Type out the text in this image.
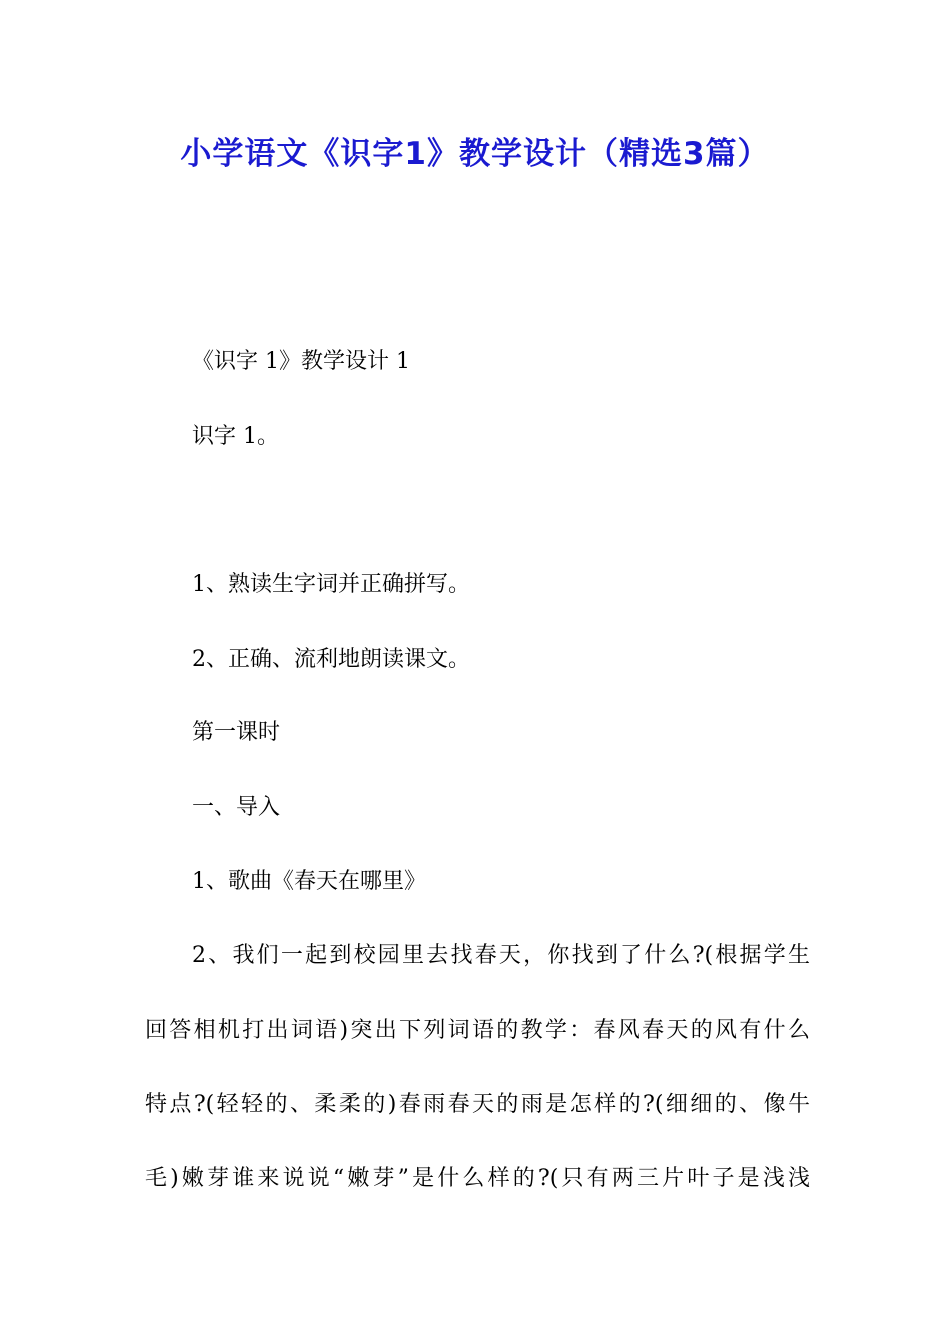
小学语文《识字1》教学设计（精选3篇）
《识字 1》教学设计 1
识字 1。
1、熟读生字词并正确拼写。
2、正确、流利地朗读课文。
第一课时
一、导入
1、歌曲《春天在哪里》
2、我们一起到校园里去找春天，你找到了什么?(根据学生
回答相机打出词语)突出下列词语的教学：春风春天的风有什么
特点?(轻轻的、柔柔的)春雨春天的雨是怎样的?(细细的、像牛
毛)嫩芽谁来说说“嫩芽”是什么样的?(只有两三片叶子是浅浅
